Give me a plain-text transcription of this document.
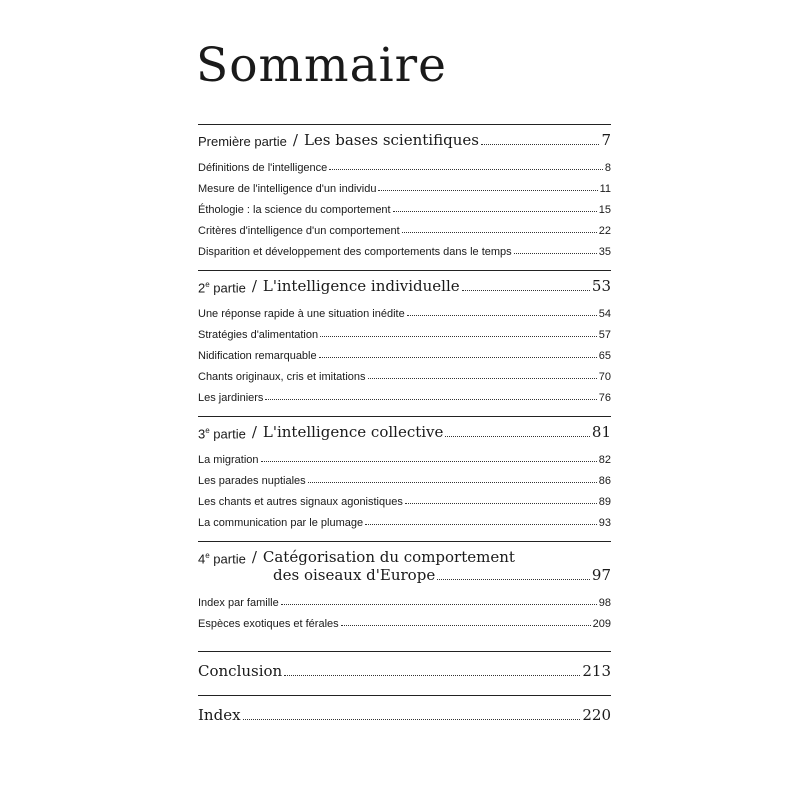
Sommaire
Première partie / Les bases scientifiques	7
Définitions de l'intelligence	8
Mesure de l'intelligence d'un individu	11
Éthologie : la science du comportement	15
Critères d'intelligence d'un comportement	22
Disparition et développement des comportements dans le temps	35
2e partie / L'intelligence individuelle	53
Une réponse rapide à une situation inédite	54
Stratégies d'alimentation	57
Nidification remarquable	65
Chants originaux, cris et imitations	70
Les jardiniers	76
3e partie / L'intelligence collective	81
La migration	82
Les parades nuptiales	86
Les chants et autres signaux agonistiques	89
La communication par le plumage	93
4e partie / Catégorisation du comportement
des oiseaux d'Europe	97
Index par famille	98
Espèces exotiques et férales	209
Conclusion	213
Index	220
